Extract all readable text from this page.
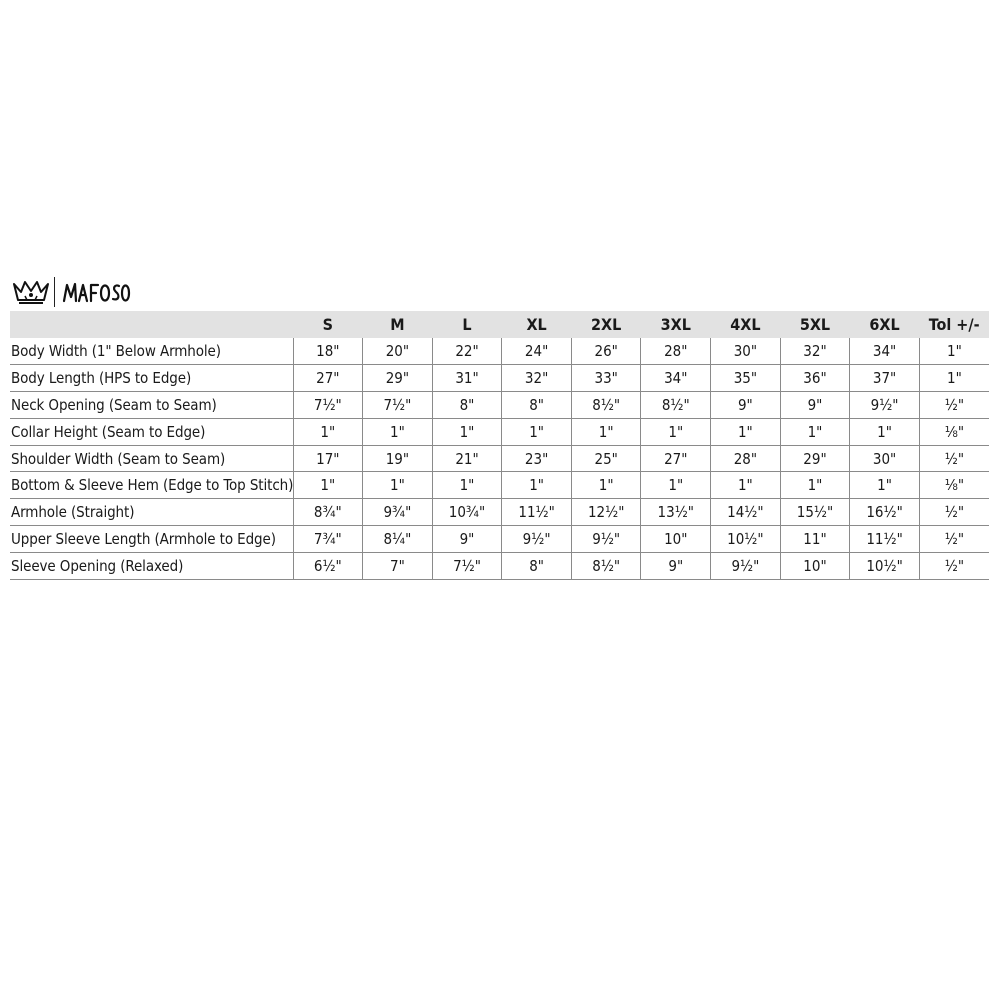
	S	M	L	XL	2XL	3XL	4XL	5XL	6XL	Tol +/-
Body Width (1" Below Armhole)	18"	20"	22"	24"	26"	28"	30"	32"	34"	1"
Body Length (HPS to Edge)	27"	29"	31"	32"	33"	34"	35"	36"	37"	1"
Neck Opening (Seam to Seam)	7½"	7½"	8"	8"	8½"	8½"	9"	9"	9½"	½"
Collar Height (Seam to Edge)	1"	1"	1"	1"	1"	1"	1"	1"	1"	⅛"
Shoulder Width (Seam to Seam)	17"	19"	21"	23"	25"	27"	28"	29"	30"	½"
Bottom & Sleeve Hem (Edge to Top Stitch)	1"	1"	1"	1"	1"	1"	1"	1"	1"	⅛"
Armhole (Straight)	8¾"	9¾"	10¾"	11½"	12½"	13½"	14½"	15½"	16½"	½"
Upper Sleeve Length (Armhole to Edge)	7¾"	8¼"	9"	9½"	9½"	10"	10½"	11"	11½"	½"
Sleeve Opening (Relaxed)	6½"	7"	7½"	8"	8½"	9"	9½"	10"	10½"	½"
